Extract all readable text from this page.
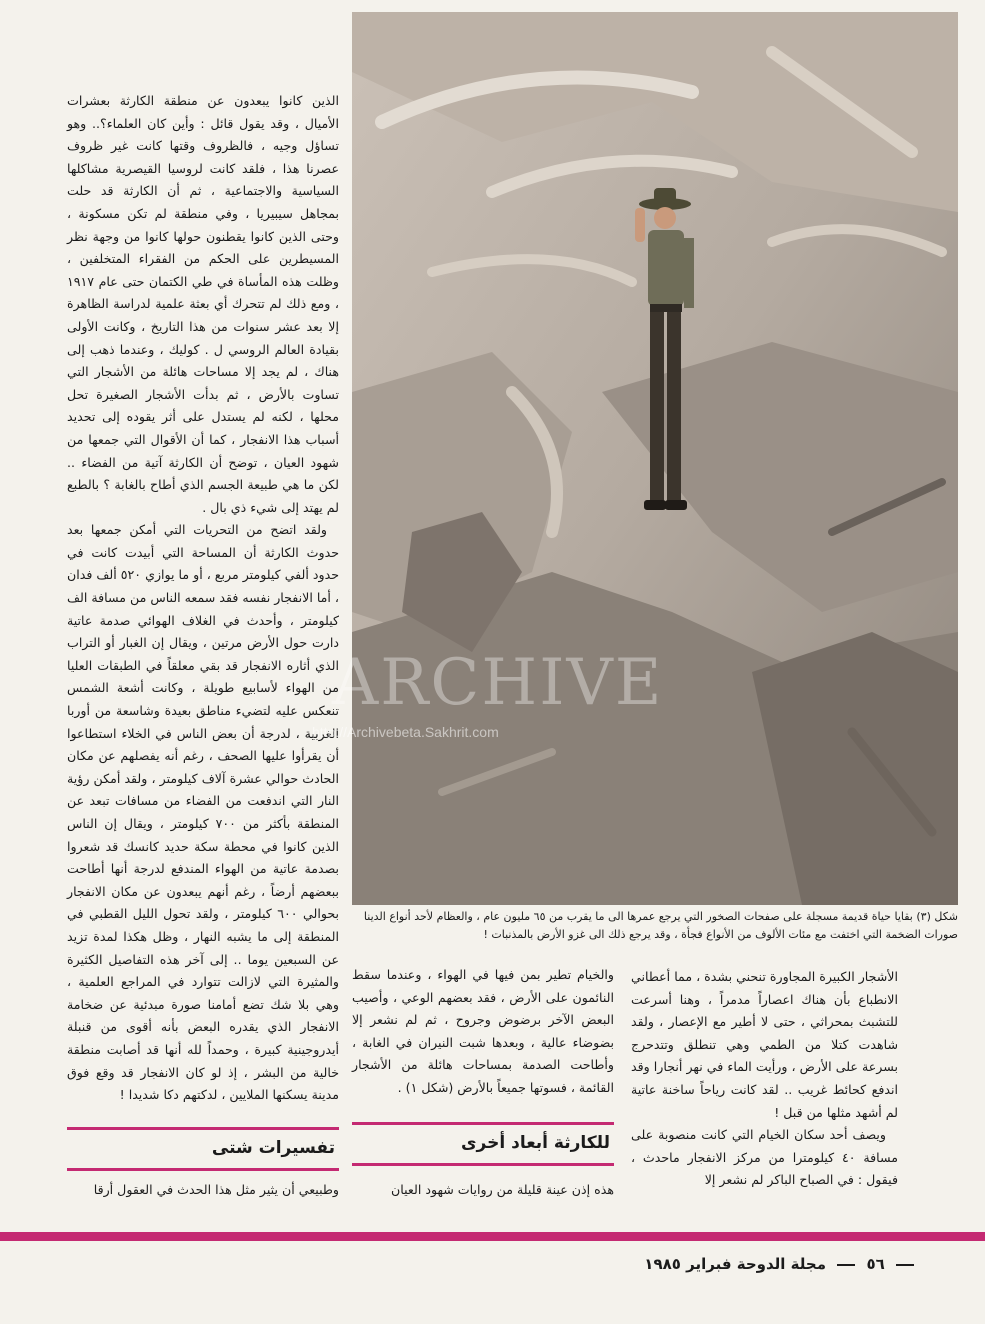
الذين كانوا يبعدون عن منطقة الكارثة بعشرات الأميال ، وقد يقول قائل : وأين كان العلماء؟.. وهو تساؤل وجيه ، فالظروف وقتها كانت غير ظروف عصرنا هذا ، فلقد كانت لروسيا القيصرية مشاكلها السياسية والاجتماعية ، ثم أن الكارثة قد حلت بمجاهل سيبيريا ، وفي منطقة لم تكن مسكونة ، وحتى الذين كانوا يقطنون حولها كانوا من وجهة نظر المسيطرين على الحكم من الفقراء المتخلفين ، وظلت هذه المأساة في طي الكتمان حتى عام ١٩١٧ ، ومع ذلك لم تتحرك أي بعثة علمية لدراسة الظاهرة إلا بعد عشر سنوات من هذا التاريخ ، وكانت الأولى بقيادة العالم الروسي ل . كوليك ، وعندما ذهب إلى هناك ، لم يجد إلا مساحات هائلة من الأشجار التي تساوت بالأرض ، ثم بدأت الأشجار الصغيرة تحل محلها ، لكنه لم يستدل على أثر يقوده إلى تحديد أسباب هذا الانفجار ، كما أن الأقوال التي جمعها من شهود العيان ، توضح أن الكارثة آتية من الفضاء .. لكن ما هي طبيعة الجسم الذي أطاح بالغابة ؟ بالطبع لم يهتد إلى شيء ذي بال .

ولقد اتضح من التحريات التي أمكن جمعها بعد حدوث الكارثة أن المساحة التي أبيدت كانت في حدود ألفي كيلومتر مربع ، أو ما يوازي ٥٢٠ ألف فدان ، أما الانفجار نفسه فقد سمعه الناس من مسافة الف كيلومتر ، وأحدث في الغلاف الهوائي صدمة عاتية دارت حول الأرض مرتين ، ويقال إن الغبار أو التراب الذي أثاره الانفجار قد بقي معلقاً في الطبقات العليا من الهواء لأسابيع طويلة ، وكانت أشعة الشمس تنعكس عليه لتضيء مناطق بعيدة وشاسعة من أوربا الغربية ، لدرجة أن بعض الناس في الخلاء استطاعوا أن يقرأوا عليها الصحف ، رغم أنه يفصلهم عن مكان الحادث حوالي عشرة آلاف كيلومتر ، ولقد أمكن رؤية النار التي اندفعت من الفضاء من مسافات تبعد عن المنطقة بأكثر من ٧٠٠ كيلومتر ، ويقال إن الناس الذين كانوا في محطة سكة حديد كانسك قد شعروا بصدمة عاتية من الهواء المندفع لدرجة أنها أطاحت ببعضهم أرضاً ، رغم أنهم يبعدون عن مكان الانفجار بحوالي ٦٠٠ كيلومتر ، ولقد تحول الليل القطبي في المنطقة إلى ما يشبه النهار ، وظل هكذا لمدة تزيد عن السبعين يوما .. إلى آخر هذه التفاصيل الكثيرة والمثيرة التي لازالت تتوارد في المراجع العلمية ، وهي بلا شك تضع أمامنا صورة مبدئية عن ضخامة الانفجار الذي يقدره البعض بأنه أقوى من قنبلة أيدروجينية كبيرة ، وحمداً لله أنها قد أصابت منطقة خالية من البشر ، إذ لو كان الانفجار قد وقع فوق مدينة يسكنها الملايين ، لدكتهم دكا شديدا !

ARCHIVE
http://Archivebeta.Sakhrit.com
شكل (٣) بقايا حياة قديمة مسجلة على صفحات الصخور التي يرجع عمرها الى ما يقرب من ٦٥ مليون عام ، والعظام لأحد أنواع الدينا صورات الضخمة التي اختفت مع مئات الألوف من الأنواع فجأة ، وقد يرجع ذلك الى غزو الأرض بالمذنبات !

الأشجار الكبيرة المجاورة تنحني بشدة ، مما أعطاني الانطباع بأن هناك اعصاراً مدمراً ، وهنا أسرعت للتشبث بمحراثي ، حتى لا أطير مع الإعصار ، ولقد شاهدت كتلا من الطمي وهي تنطلق وتتدحرج بسرعة على الأرض ، ورأيت الماء في نهر أنجارا وقد اندفع كحائط غريب .. لقد كانت رياحاً ساخنة عاتية لم أشهد مثلها من قبل !

ويصف أحد سكان الخيام التي كانت منصوبة على مسافة ٤٠ كيلومترا من مركز الانفجار ماحدث ، فيقول : في الصباح الباكر لم نشعر إلا

والخيام تطير بمن فيها في الهواء ، وعندما سقط النائمون على الأرض ، فقد بعضهم الوعي ، وأصيب البعض الآخر برضوض وجروح ، ثم لم نشعر إلا بضوضاء عالية ، وبعدها شبت النيران في الغابة ، وأطاحت الصدمة بمساحات هائلة من الأشجار القائمة ، فسوتها جميعاً بالأرض (شكل ١) .

للكارثة أبعاد أخرى
هذه إذن عينة قليلة من روايات شهود العيان
تفسيرات شتى
وطبيعي أن يثير مثل هذا الحدث في العقول أرقا
٥٦  مجلة الدوحة فبراير ١٩٨٥
